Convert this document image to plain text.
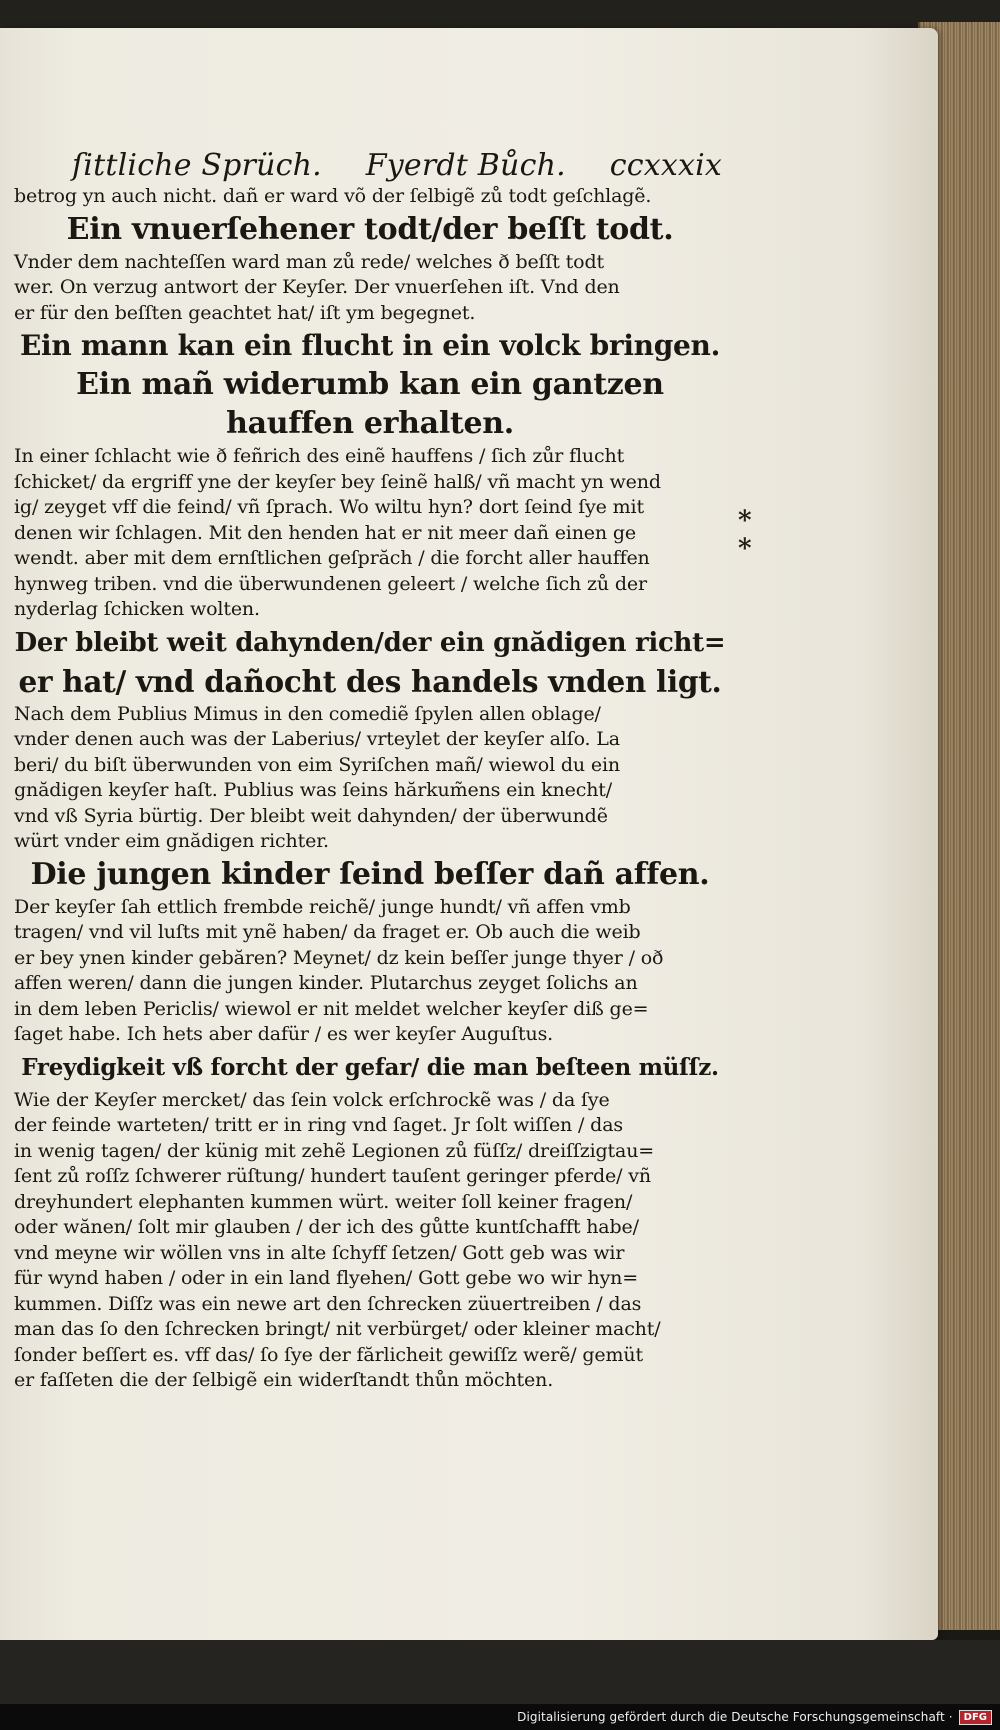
ſittliche Sprüch. Fyerdt Bůch. ccxxxix
betrog yn auch nicht. dañ er ward võ der ſelbigẽ zů todt geſchlagẽ.
Ein vnuerſehener todt/der beſſt todt.
Vnder dem nachteſſen ward man zů rede/ welches ð beſſt todt
wer. On verzug antwort der Keyſer. Der vnuerſehen iſt. Vnd den
er für den beſſten geachtet hat/ iſt ym begegnet.
Ein mann kan ein flucht in ein volck bringen.
Ein mañ widerumb kan ein gantzen
hauffen erhalten.
In einer ſchlacht wie ð feñrich des einẽ hauffens / ſich zůr flucht
ſchicket/ da ergriff yne der keyſer bey ſeinẽ halß/ vñ macht yn wend
ig/ zeyget vff die feind/ vñ ſprach. Wo wiltu hyn? dort ſeind ſye mit
denen wir ſchlagen. Mit den henden hat er nit meer dañ einen ge
wendt. aber mit dem ernſtlichen geſprăch / die forcht aller hauffen
hynweg triben. vnd die überwundenen geleert / welche ſich zů der
nyderlag ſchicken wolten.
Der bleibt weit dahynden/der ein gnădigen richt=
er hat/ vnd dañocht des handels vnden ligt.
Nach dem Publius Mimus in den comediẽ ſpylen allen oblage/
vnder denen auch was der Laberius/ vrteylet der keyſer alſo. La
beri/ du biſt überwunden von eim Syriſchen mañ/ wiewol du ein
gnădigen keyſer haſt. Publius was ſeins hărkum̃ens ein knecht/
vnd vß Syria bürtig. Der bleibt weit dahynden/ der überwundẽ
würt vnder eim gnădigen richter.
Die jungen kinder ſeind beſſer dañ affen.
Der keyſer ſah ettlich frembde reichẽ/ junge hundt/ vñ affen vmb
tragen/ vnd vil luſts mit ynẽ haben/ da fraget er. Ob auch die weib
er bey ynen kinder gebăren? Meynet/ dz kein beſſer junge thyer / oð
affen weren/ dann die jungen kinder. Plutarchus zeyget ſolichs an
in dem leben Periclis/ wiewol er nit meldet welcher keyſer diß ge=
ſaget habe. Ich hets aber dafür / es wer keyſer Auguſtus.
Freydigkeit vß forcht der gefar/ die man beſteen müſſz.
Wie der Keyſer mercket/ das ſein volck erſchrockẽ was / da ſye
der feinde warteten/ tritt er in ring vnd ſaget. Jr ſolt wiſſen / das
in wenig tagen/ der künig mit zehẽ Legionen zů füſſz/ dreiſſzigtau=
ſent zů roſſz ſchwerer rüſtung/ hundert tauſent geringer pferde/ vñ
dreyhundert elephanten kummen würt. weiter ſoll keiner fragen/
oder wănen/ ſolt mir glauben / der ich des gůtte kuntſchafft habe/
vnd meyne wir wöllen vns in alte ſchyff ſetzen/ Gott geb was wir
für wynd haben / oder in ein land flyehen/ Gott gebe wo wir hyn=
kummen. Diſſz was ein newe art den ſchrecken züuertreiben / das
man das ſo den ſchrecken bringt/ nit verbürget/ oder kleiner macht/
ſonder beſſert es. vff das/ ſo ſye der fărlicheit gewiſſz werẽ/ gemüt
er faſſeten die der ſelbigẽ ein widerſtandt thůn möchten.
*
*
Digitalisierung gefördert durch die Deutsche Forschungsgemeinschaft ·	DFG
